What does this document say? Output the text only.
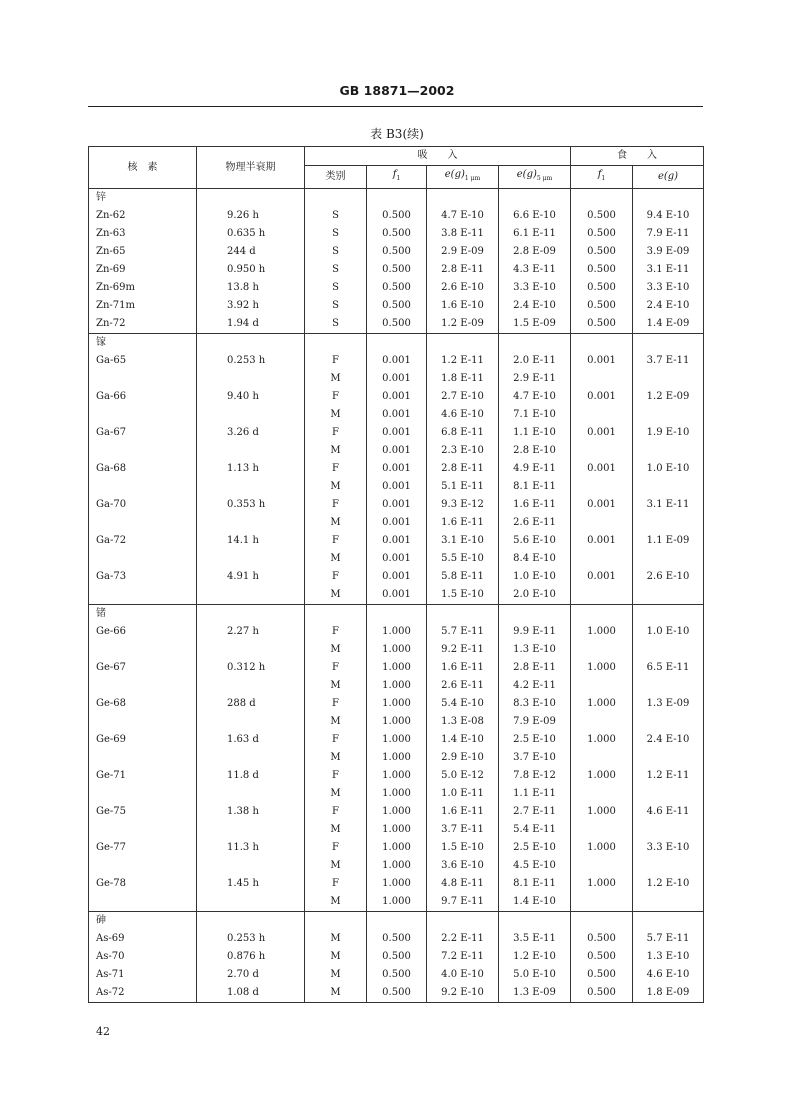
GB 18871—2002
表 B3(续)
核　素	物理半衰期	吸　　入				食　　入	
		类别	$f_1$	$e(g)_{1 \mu m}$	$e(g)_{5 \mu m}$	$f_1$	e(g)
锌							
Zn-62	9.26 h	S	0.500	4.7 E-10	6.6 E-10	0.500	9.4 E-10
Zn-63	0.635 h	S	0.500	3.8 E-11	6.1 E-11	0.500	7.9 E-11
Zn-65	244 d	S	0.500	2.9 E-09	2.8 E-09	0.500	3.9 E-09
Zn-69	0.950 h	S	0.500	2.8 E-11	4.3 E-11	0.500	3.1 E-11
Zn-69m	13.8 h	S	0.500	2.6 E-10	3.3 E-10	0.500	3.3 E-10
Zn-71m	3.92 h	S	0.500	1.6 E-10	2.4 E-10	0.500	2.4 E-10
Zn-72	1.94 d	S	0.500	1.2 E-09	1.5 E-09	0.500	1.4 E-09
镓							
Ga-65	0.253 h	F	0.001	1.2 E-11	2.0 E-11	0.001	3.7 E-11
		M	0.001	1.8 E-11	2.9 E-11		
Ga-66	9.40 h	F	0.001	2.7 E-10	4.7 E-10	0.001	1.2 E-09
		M	0.001	4.6 E-10	7.1 E-10		
Ga-67	3.26 d	F	0.001	6.8 E-11	1.1 E-10	0.001	1.9 E-10
		M	0.001	2.3 E-10	2.8 E-10		
Ga-68	1.13 h	F	0.001	2.8 E-11	4.9 E-11	0.001	1.0 E-10
		M	0.001	5.1 E-11	8.1 E-11		
Ga-70	0.353 h	F	0.001	9.3 E-12	1.6 E-11	0.001	3.1 E-11
		M	0.001	1.6 E-11	2.6 E-11		
Ga-72	14.1 h	F	0.001	3.1 E-10	5.6 E-10	0.001	1.1 E-09
		M	0.001	5.5 E-10	8.4 E-10		
Ga-73	4.91 h	F	0.001	5.8 E-11	1.0 E-10	0.001	2.6 E-10
		M	0.001	1.5 E-10	2.0 E-10		
锗							
Ge-66	2.27 h	F	1.000	5.7 E-11	9.9 E-11	1.000	1.0 E-10
		M	1.000	9.2 E-11	1.3 E-10		
Ge-67	0.312 h	F	1.000	1.6 E-11	2.8 E-11	1.000	6.5 E-11
		M	1.000	2.6 E-11	4.2 E-11		
Ge-68	288 d	F	1.000	5.4 E-10	8.3 E-10	1.000	1.3 E-09
		M	1.000	1.3 E-08	7.9 E-09		
Ge-69	1.63 d	F	1.000	1.4 E-10	2.5 E-10	1.000	2.4 E-10
		M	1.000	2.9 E-10	3.7 E-10		
Ge-71	11.8 d	F	1.000	5.0 E-12	7.8 E-12	1.000	1.2 E-11
		M	1.000	1.0 E-11	1.1 E-11		
Ge-75	1.38 h	F	1.000	1.6 E-11	2.7 E-11	1.000	4.6 E-11
		M	1.000	3.7 E-11	5.4 E-11		
Ge-77	11.3 h	F	1.000	1.5 E-10	2.5 E-10	1.000	3.3 E-10
		M	1.000	3.6 E-10	4.5 E-10		
Ge-78	1.45 h	F	1.000	4.8 E-11	8.1 E-11	1.000	1.2 E-10
		M	1.000	9.7 E-11	1.4 E-10		
砷							
As-69	0.253 h	M	0.500	2.2 E-11	3.5 E-11	0.500	5.7 E-11
As-70	0.876 h	M	0.500	7.2 E-11	1.2 E-10	0.500	1.3 E-10
As-71	2.70 d	M	0.500	4.0 E-10	5.0 E-10	0.500	4.6 E-10
As-72	1.08 d	M	0.500	9.2 E-10	1.3 E-09	0.500	1.8 E-09
42
